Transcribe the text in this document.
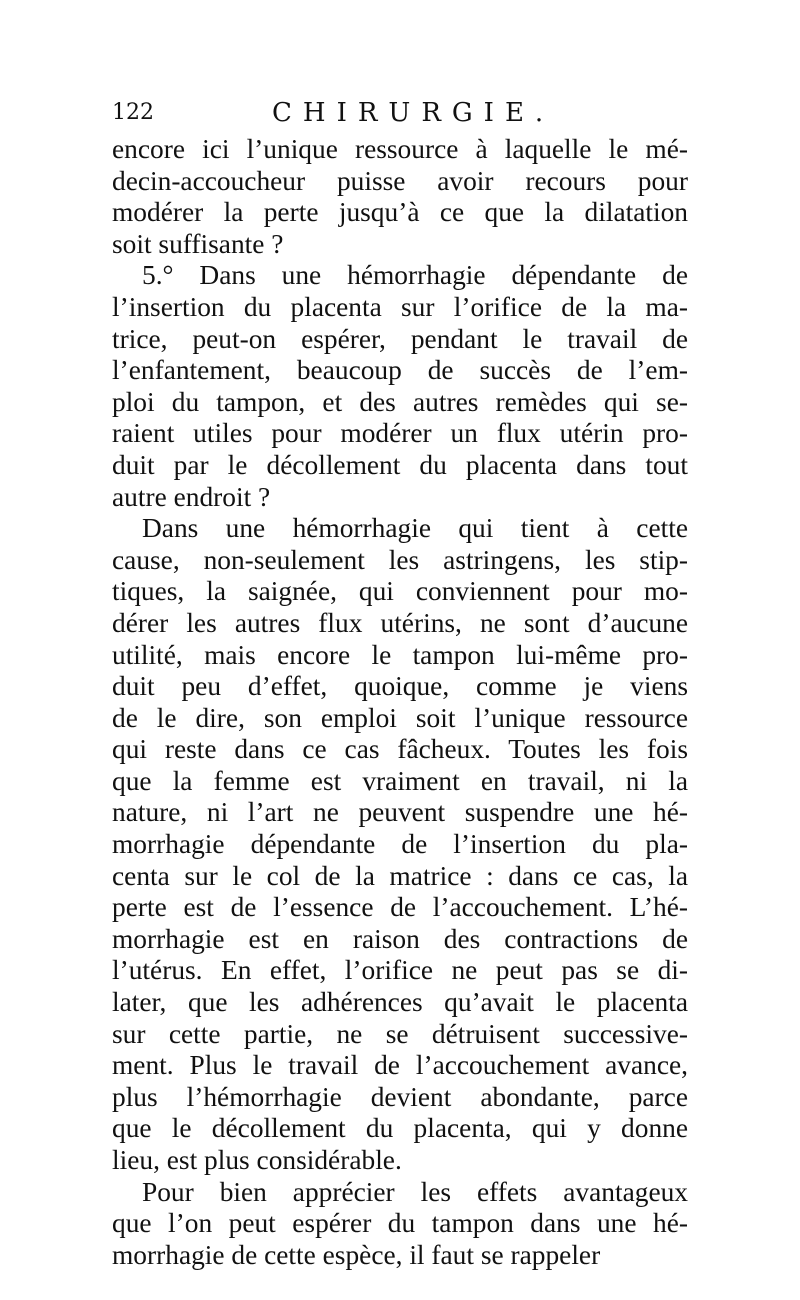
122	CHIRURGIE.
encore ici l’unique ressource à laquelle le mé-
decin-accoucheur puisse avoir recours pour
modérer la perte jusqu’à ce que la dilatation
soit suffisante ?
5.° Dans une hémorrhagie dépendante de
l’insertion du placenta sur l’orifice de la ma-
trice, peut-on espérer, pendant le travail de
l’enfantement, beaucoup de succès de l’em-
ploi du tampon, et des autres remèdes qui se-
raient utiles pour modérer un flux utérin pro-
duit par le décollement du placenta dans tout
autre endroit ?
Dans une hémorrhagie qui tient à cette
cause, non-seulement les astringens, les stip-
tiques, la saignée, qui conviennent pour mo-
dérer les autres flux utérins, ne sont d’aucune
utilité, mais encore le tampon lui-même pro-
duit peu d’effet, quoique, comme je viens
de le dire, son emploi soit l’unique ressource
qui reste dans ce cas fâcheux. Toutes les fois
que la femme est vraiment en travail, ni la
nature, ni l’art ne peuvent suspendre une hé-
morrhagie dépendante de l’insertion du pla-
centa sur le col de la matrice : dans ce cas, la
perte est de l’essence de l’accouchement. L’hé-
morrhagie est en raison des contractions de
l’utérus. En effet, l’orifice ne peut pas se di-
later, que les adhérences qu’avait le placenta
sur cette partie, ne se détruisent successive-
ment. Plus le travail de l’accouchement avance,
plus l’hémorrhagie devient abondante, parce
que le décollement du placenta, qui y donne
lieu, est plus considérable.
Pour bien apprécier les effets avantageux
que l’on peut espérer du tampon dans une hé-
morrhagie de cette espèce, il faut se rappeler
